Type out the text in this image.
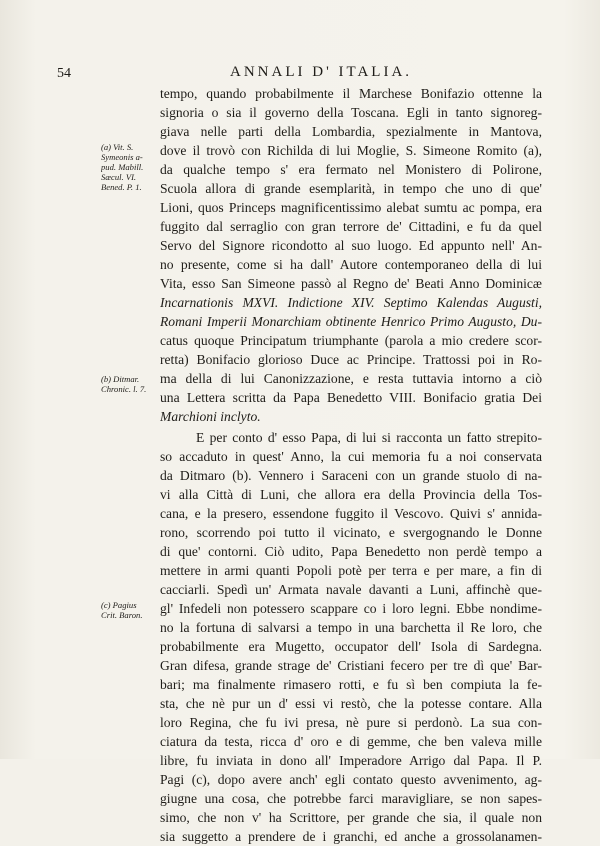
54	ANNALI D' ITALIA.
tempo, quando probabilmente il Marchese Bonifazio ottenne la
signoria o sia il governo della Toscana. Egli in tanto signoreg-
giava nelle parti della Lombardia, spezialmente in Mantova,
dove il trovò con Richilda di lui Moglie, S. Simeone Romito (a),
da qualche tempo s' era fermato nel Monistero di Polirone,
Scuola allora di grande esemplarità, in tempo che uno di que'
Lioni, quos Princeps magnificentissimo alebat sumtu ac pompa, era
fuggito dal serraglio con gran terrore de' Cittadini, e fu da quel
Servo del Signore ricondotto al suo luogo. Ed appunto nell' An-
no presente, come si ha dall' Autore contemporaneo della di lui
Vita, esso San Simeone passò al Regno de' Beati Anno Dominicæ
Incarnationis MXVI. Indictione XIV. Septimo Kalendas Augusti,
Romani Imperii Monarchiam obtinente Henrico Primo Augusto, Du-
catus quoque Principatum triumphante (parola a mio credere scor-
retta) Bonifacio glorioso Duce ac Principe. Trattossi poi in Ro-
ma della di lui Canonizzazione, e resta tuttavia intorno a ciò
una Lettera scritta da Papa Benedetto VIII. Bonifacio gratia Dei
Marchioni inclyto.
E per conto d' esso Papa, di lui si racconta un fatto strepito-
so accaduto in quest' Anno, la cui memoria fu a noi conservata
da Ditmaro (b). Vennero i Saraceni con un grande stuolo di na-
vi alla Città di Luni, che allora era della Provincia della Tos-
cana, e la presero, essendone fuggito il Vescovo. Quivi s' annida-
rono, scorrendo poi tutto il vicinato, e svergognando le Donne
di que' contorni. Ciò udito, Papa Benedetto non perdè tempo a
mettere in armi quanti Popoli potè per terra e per mare, a fin di
cacciarli. Spedì un' Armata navale davanti a Luni, affinchè que-
gl' Infedeli non potessero scappare co i loro legni. Ebbe nondime-
no la fortuna di salvarsi a tempo in una barchetta il Re loro, che
probabilmente era Mugetto, occupator dell' Isola di Sardegna.
Gran difesa, grande strage de' Cristiani fecero per tre dì que' Bar-
bari; ma finalmente rimasero rotti, e fu sì ben compiuta la fe-
sta, che nè pur un d' essi vi restò, che la potesse contare. Alla
loro Regina, che fu ivi presa, nè pure si perdonò. La sua con-
ciatura da testa, ricca d' oro e di gemme, che ben valeva mille
libre, fu inviata in dono all' Imperadore Arrigo dal Papa. Il P.
Pagi (c), dopo avere anch' egli contato questo avvenimento, ag-
giugne una cosa, che potrebbe farci maravigliare, se non sapes-
simo, che non v' ha Scrittore, per grande che sia, il quale non
sia suggetto a prendere de i granchi, ed anche a grossolanamen-
(a) Vit. S.
Symeonis a-
pud. Mabill.
Sæcul. VI.
Bened. P. 1.
(b) Ditmar.
Chronic. l. 7.
(c) Pagius
Crit. Baron.
